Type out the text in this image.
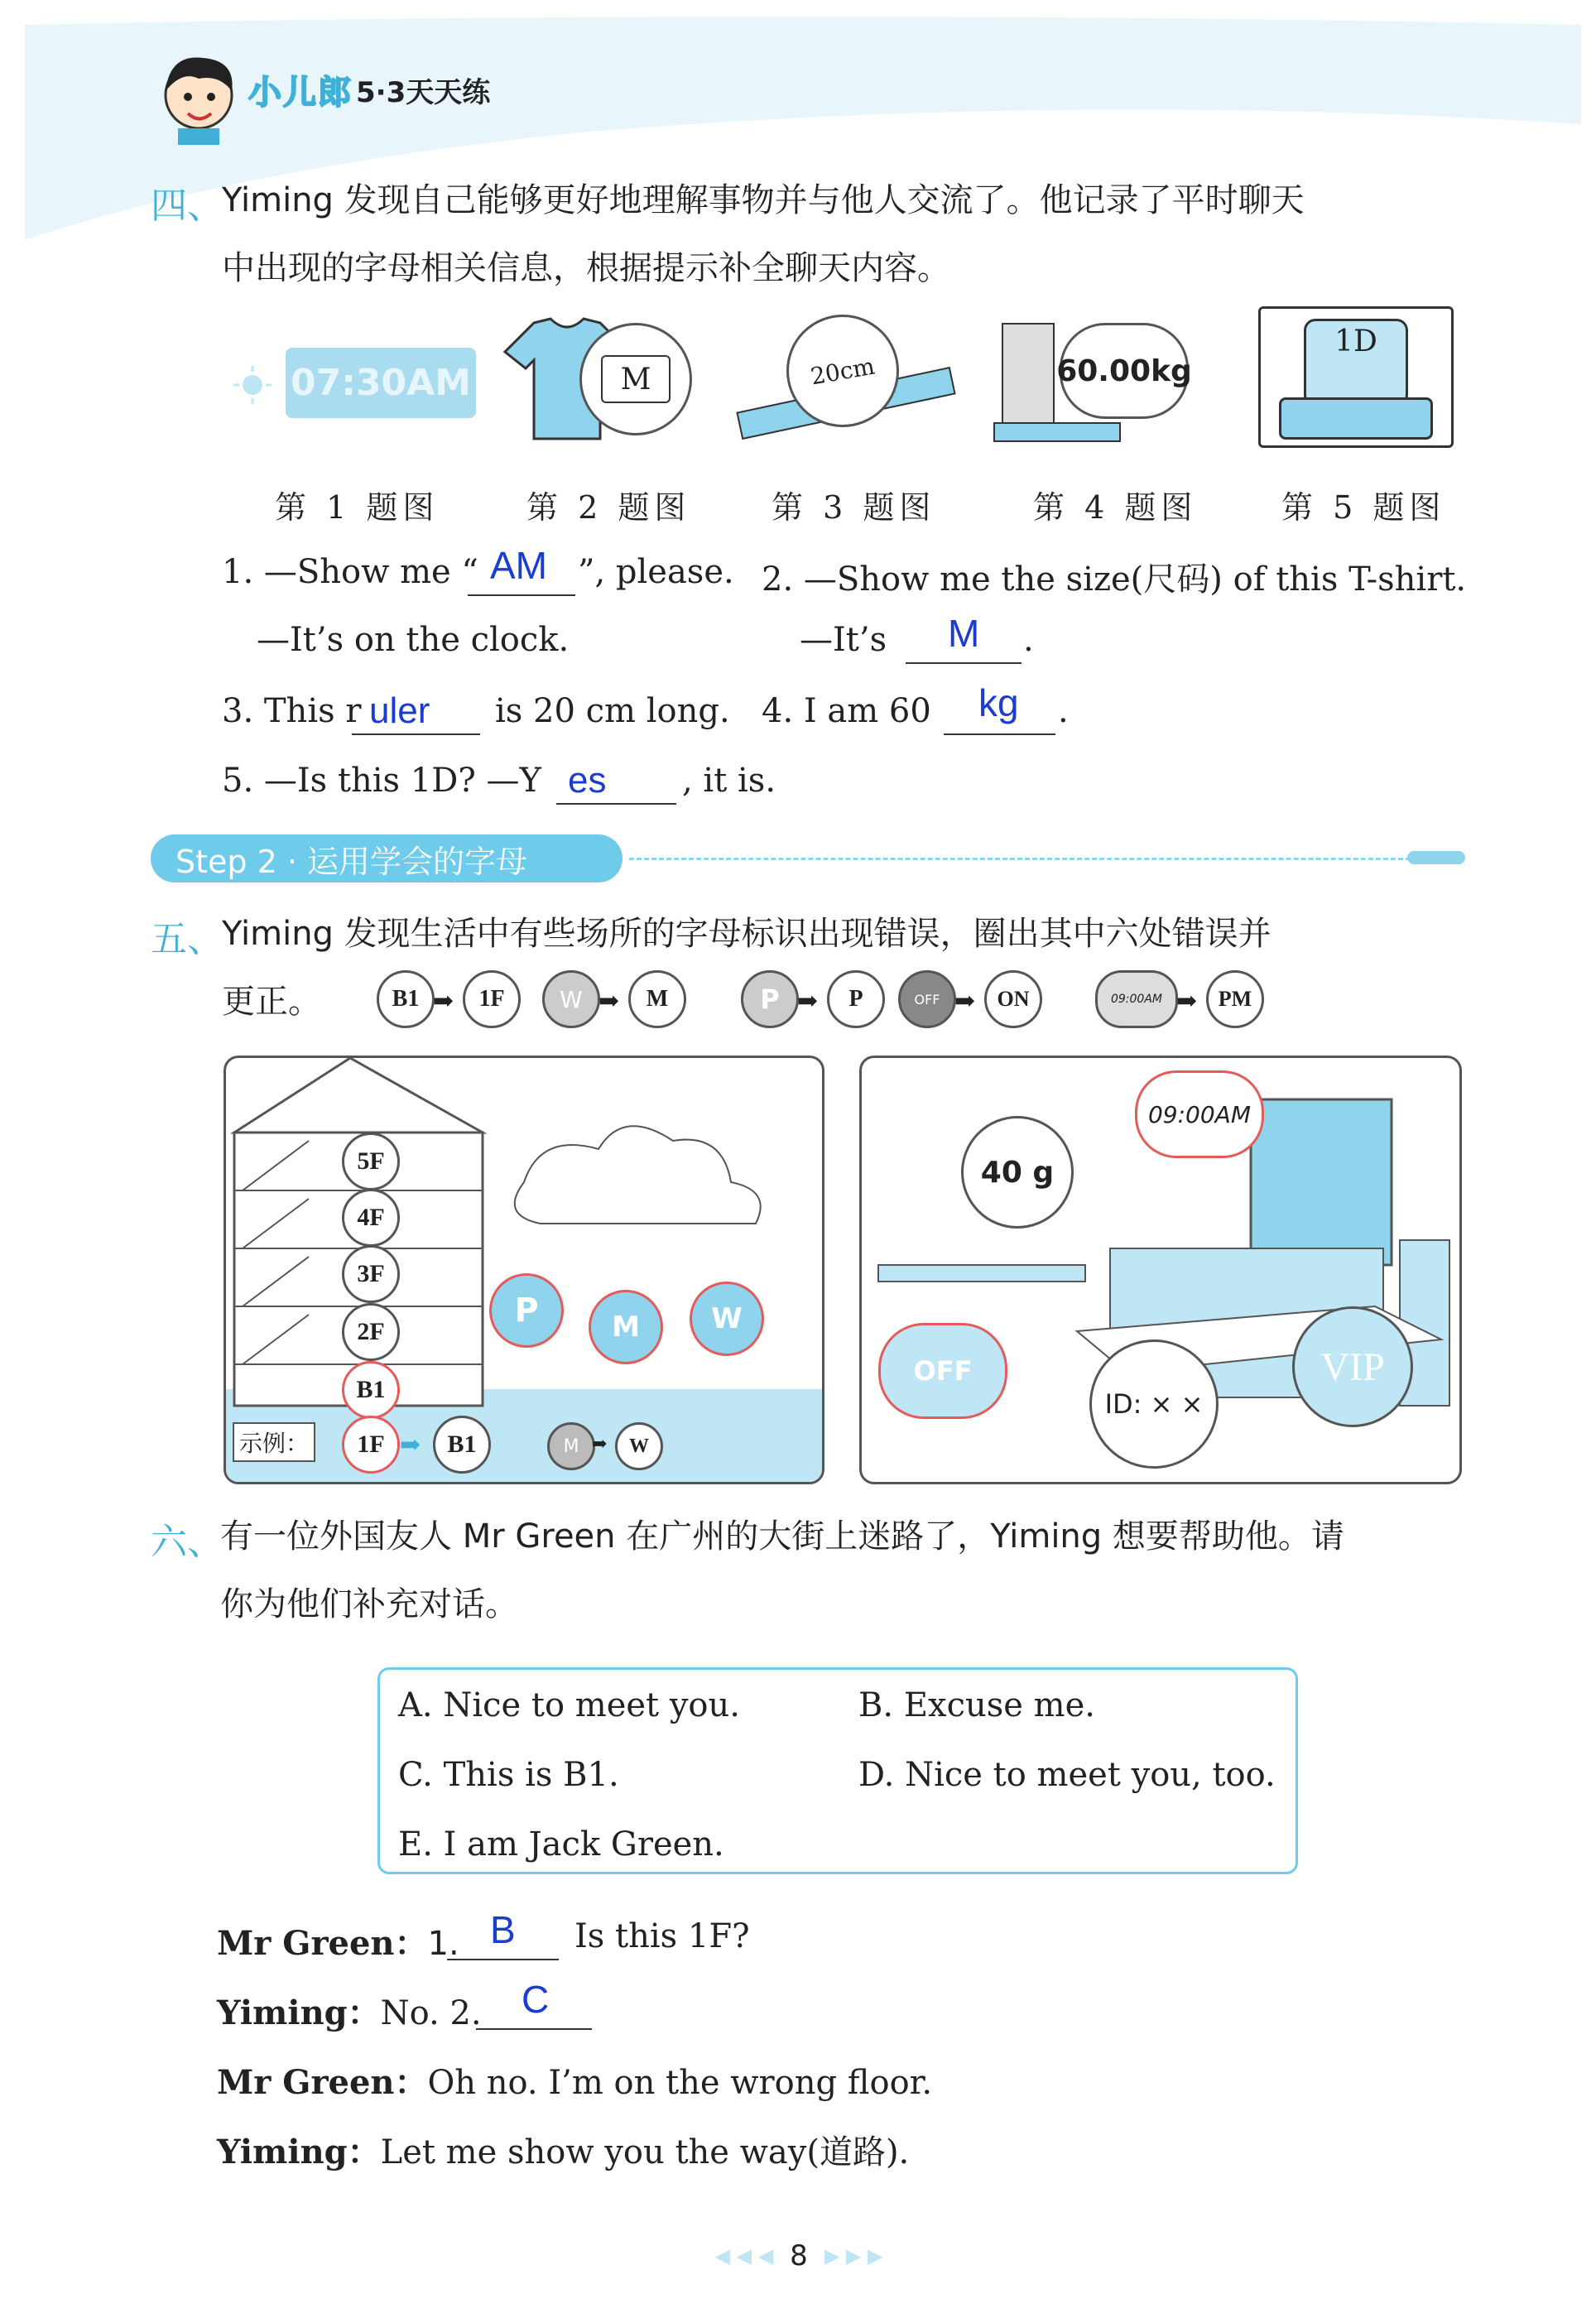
小儿郎 5·3天天练
四、
Yiming 发现自己能够更好地理解事物并与他人交流了。他记录了平时聊天
中出现的字母相关信息，根据提示补全聊天内容。
07:30AM	M	20cm	60.00kg
1D
第 1 题图	第 2 题图	第 3 题图	第 4 题图	第 5 题图
1. —Show me “ AM ”, please.
—It’s on the clock.
2. —Show me the size(尺码) of this T-shirt.
—It’s M .
3. This r uler is 20 cm long. 4. I am 60 kg .
5. —Is this 1D? —Y es , it is.
Step 2 · 运用学会的字母
五、
Yiming 发现生活中有些场所的字母标识出现错误，圈出其中六处错误并
更正。	B1 ➡	1F	W ➡	M	P ➡	P	OFF ➡	ON	09:00AM ➡ PM
5F
4F
3F
2F
B1
示例：	1F ➡	B1	M ➡	W
P	M	W
09:00AM
40 g
OFF
ID: × ×
VIP
六、
有一位外国友人 Mr Green 在广州的大街上迷路了，Yiming 想要帮助他。请
你为他们补充对话。
A. Nice to meet you.	B. Excuse me.
C. This is B1.	D. Nice to meet you, too.
E. I am Jack Green.
Mr Green：1. B Is this 1F?
Yiming：No. 2. C
Mr Green：Oh no. I’m on the wrong floor.
Yiming：Let me show you the way(道路).
◀ ◀ ◀ 8 ▶ ▶ ▶
